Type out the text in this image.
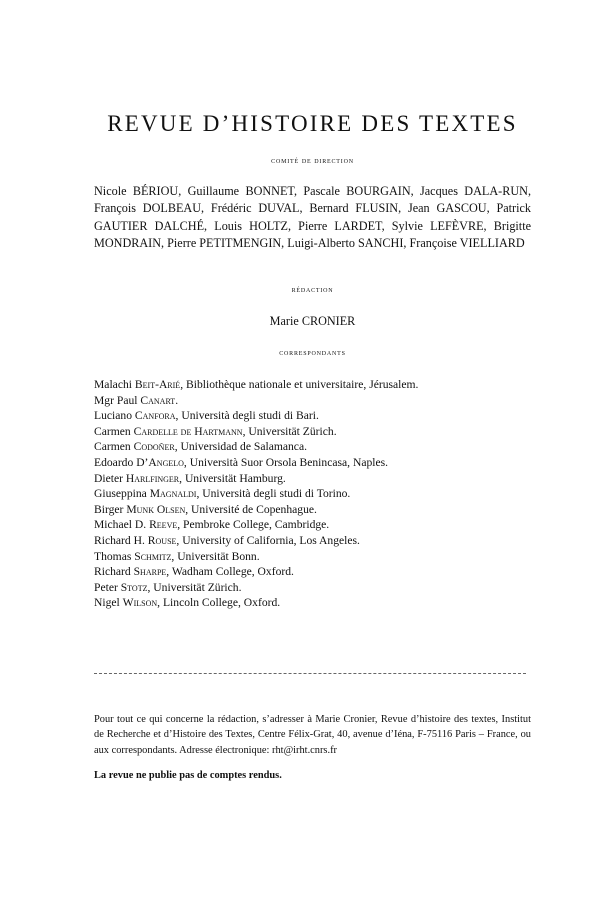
REVUE D’HISTOIRE DES TEXTES

comité de direction

Nicole BÉRIOU, Guillaume BONNET, Pascale BOURGAIN, Jacques DALA-RUN, François DOLBEAU, Frédéric DUVAL, Bernard FLUSIN, Jean GASCOU, Patrick GAUTIER DALCHÉ, Louis HOLTZ, Pierre LARDET, Sylvie LEFÈVRE, Brigitte MONDRAIN, Pierre PETITMENGIN, Luigi-Alberto SANCHI, Françoise VIELLIARD

rédaction

Marie CRONIER

correspondants

Malachi Beit-Arié, Bibliothèque nationale et universitaire, Jérusalem.
Mgr Paul Canart.
Luciano Canfora, Università degli studi di Bari.
Carmen Cardelle de Hartmann, Universität Zürich.
Carmen Codoñer, Universidad de Salamanca.
Edoardo D’Angelo, Università Suor Orsola Benincasa, Naples.
Dieter Harlfinger, Universität Hamburg.
Giuseppina Magnaldi, Università degli studi di Torino.
Birger Munk Olsen, Université de Copenhague.
Michael D. Reeve, Pembroke College, Cambridge.
Richard H. Rouse, University of California, Los Angeles.
Thomas Schmitz, Universität Bonn.
Richard Sharpe, Wadham College, Oxford.
Peter Stotz, Universität Zürich.
Nigel Wilson, Lincoln College, Oxford.

Pour tout ce qui concerne la rédaction, s’adresser à Marie Cronier, Revue d’histoire des textes, Institut de Recherche et d’Histoire des Textes, Centre Félix-Grat, 40, avenue d’Iéna, F-75116 Paris – France, ou aux correspondants. Adresse électronique: rht@irht.cnrs.fr

La revue ne publie pas de comptes rendus.
